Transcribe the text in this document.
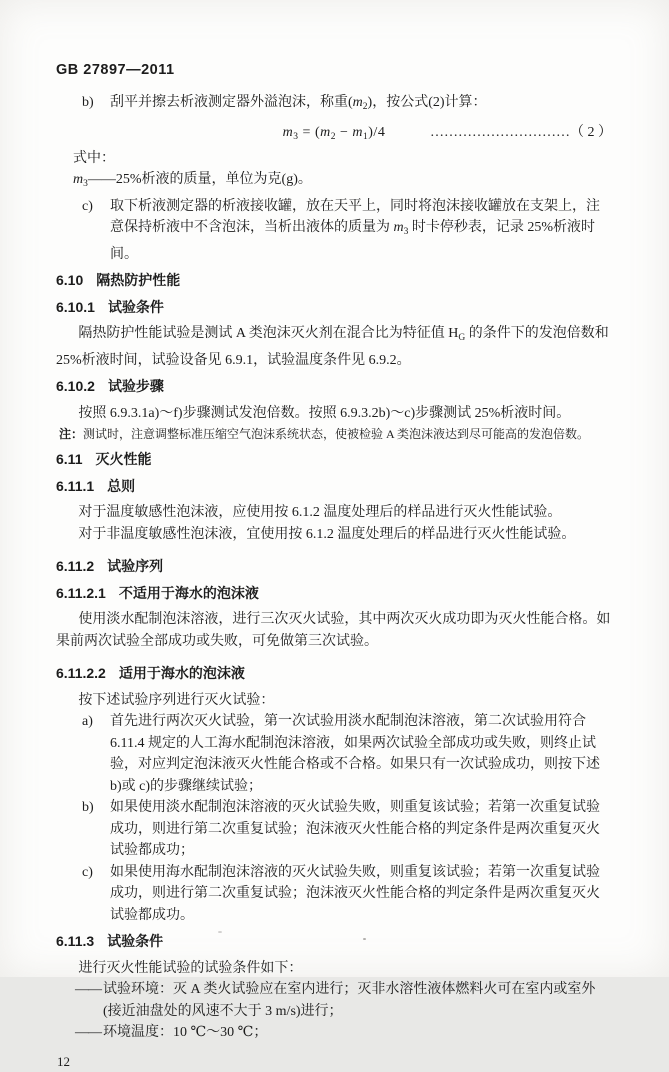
GB 27897—2011
b)	刮平并擦去析液测定器外溢泡沫，称重$(m_2)$，按公式(2)计算：
$m_3 = (m_2 - m_1)/4$	…………………………（ 2 ）
式中：
$m_3——25\%$析液的质量，单位为克(g)。
c)	取下析液测定器的析液接收罐，放在天平上，同时将泡沫接收罐放在支架上，注意保持析液中不含泡沫，当析出液体的质量为 $m_3$ 时卡停秒表，记录 25%析液时间。
6.10 隔热防护性能
6.10.1 试验条件

隔热防护性能试验是测试 A 类泡沫灭火剂在混合比为特征值 $H_G$ 的条件下的发泡倍数和 25%析液时间，试验设备见 6.9.1，试验温度条件见 6.9.2。

6.10.2 试验步骤

按照 6.9.3.1a)～f)步骤测试发泡倍数。按照 6.9.3.2b)～c)步骤测试 25%析液时间。

注：测试时，注意调整标准压缩空气泡沫系统状态，使被检验 A 类泡沫液达到尽可能高的发泡倍数。
6.11 灭火性能
6.11.1 总则

对于温度敏感性泡沫液，应使用按 6.1.2 温度处理后的样品进行灭火性能试验。

对于非温度敏感性泡沫液，宜使用按 6.1.2 温度处理后的样品进行灭火性能试验。

6.11.2 试验序列
6.11.2.1 不适用于海水的泡沫液

使用淡水配制泡沫溶液，进行三次灭火试验，其中两次灭火成功即为灭火性能合格。如果前两次试验全部成功或失败，可免做第三次试验。

6.11.2.2 适用于海水的泡沫液

按下述试验序列进行灭火试验：

a)	首先进行两次灭火试验，第一次试验用淡水配制泡沫溶液，第二次试验用符合 6.11.4 规定的人工海水配制泡沫溶液，如果两次试验全部成功或失败，则终止试验，对应判定泡沫液灭火性能合格或不合格。如果只有一次试验成功，则按下述 b)或 c)的步骤继续试验；
b)	如果使用淡水配制泡沫溶液的灭火试验失败，则重复该试验；若第一次重复试验成功，则进行第二次重复试验；泡沫液灭火性能合格的判定条件是两次重复灭火试验都成功；
c)	如果使用海水配制泡沫溶液的灭火试验失败，则重复该试验；若第一次重复试验成功，则进行第二次重复试验；泡沫液灭火性能合格的判定条件是两次重复灭火试验都成功。
6.11.3 试验条件

进行灭火性能试验的试验条件如下：

—— 试验环境：灭 A 类火试验应在室内进行；灭非水溶性液体燃料火可在室内或室外(接近油盘处的风速不大于 3 m/s)进行；
—— 环境温度：10 ℃～30 ℃；
12
